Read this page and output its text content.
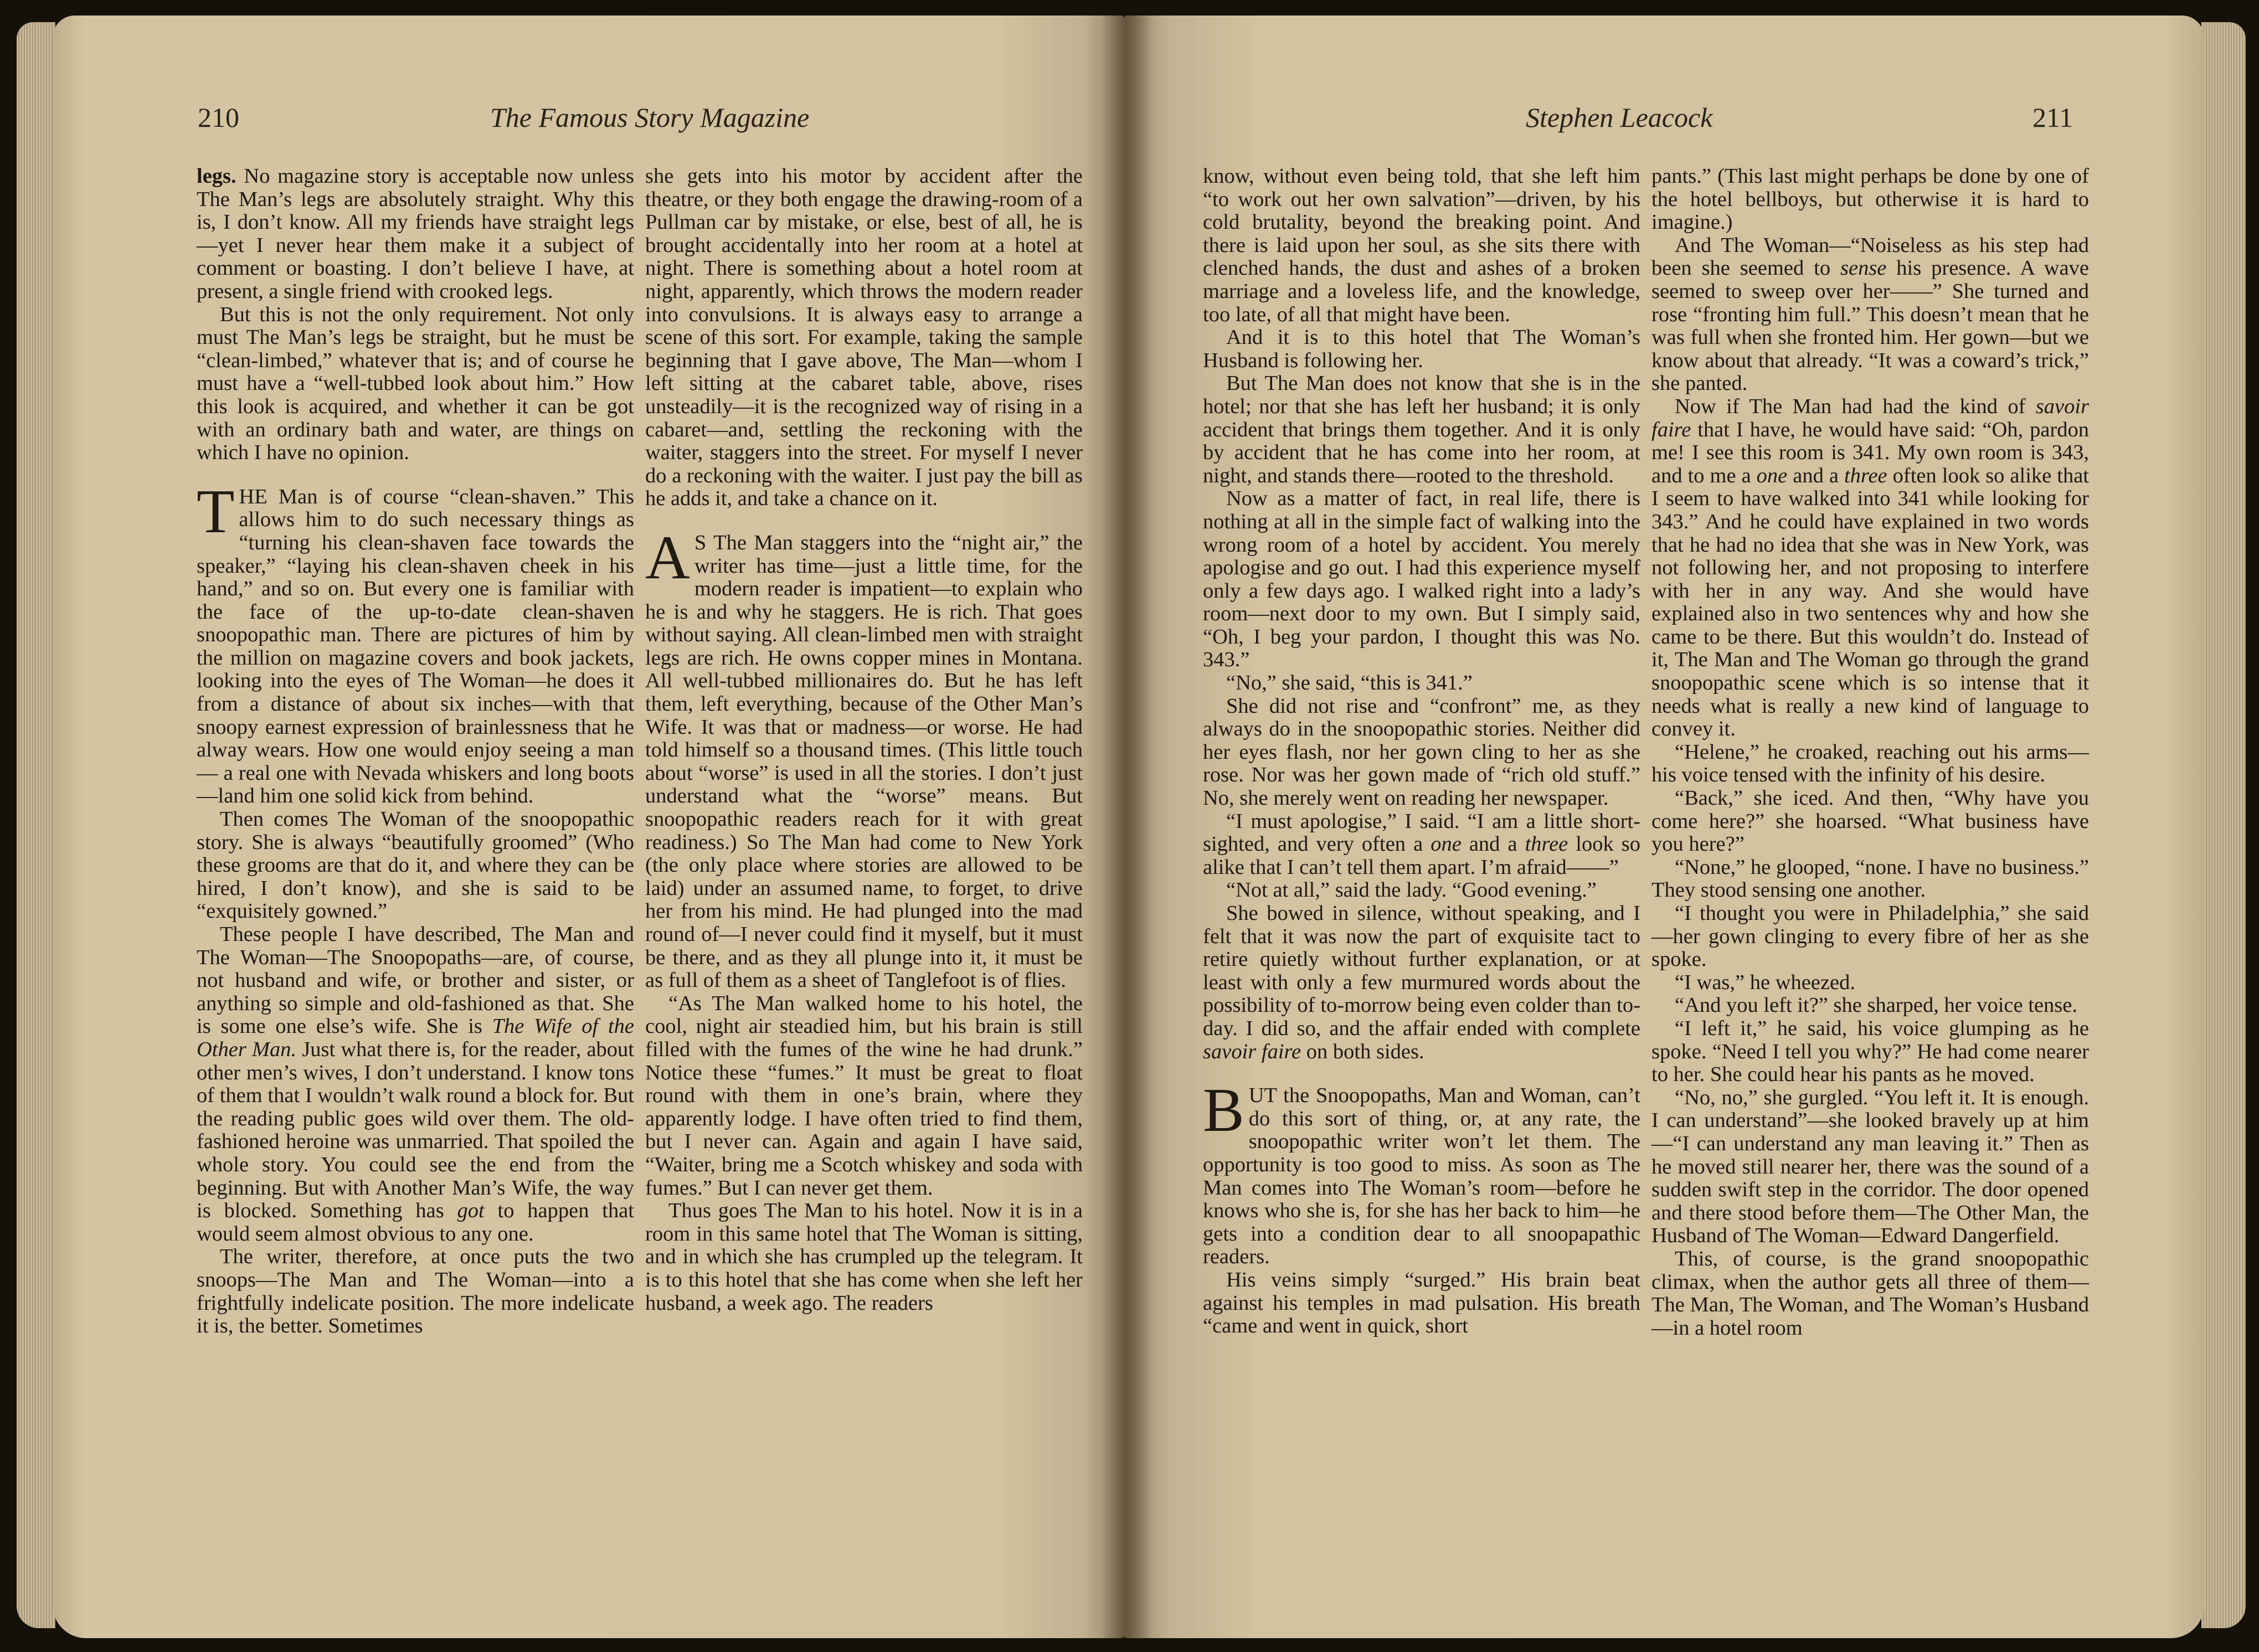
210	The Famous Story Magazine

legs. No magazine story is acceptable now unless The Man’s legs are absolutely straight. Why this is, I don’t know. All my friends have straight legs—yet I never hear them make it a subject of comment or boasting. I don’t believe I have, at present, a single friend with crooked legs.

But this is not the only requirement. Not only must The Man’s legs be straight, but he must be “clean-limbed,” whatever that is; and of course he must have a “well-tubbed look about him.” How this look is acquired, and whether it can be got with an ordinary bath and water, are things on which I have no opinion.

THE Man is of course “clean-shaven.” This allows him to do such necessary things as “turning his clean-shaven face towards the speaker,” “laying his clean-shaven cheek in his hand,” and so on. But every one is familiar with the face of the up-to-date clean-shaven snoopopathic man. There are pictures of him by the million on magazine covers and book jackets, looking into the eyes of The Woman—he does it from a distance of about six inches—with that snoopy earnest expression of brainlessness that he alway wears. How one would enjoy seeing a man — a real one with Nevada whiskers and long boots—land him one solid kick from behind.

Then comes The Woman of the snoopopathic story. She is always “beautifully groomed” (Who these grooms are that do it, and where they can be hired, I don’t know), and she is said to be “exquisitely gowned.”

These people I have described, The Man and The Woman—The Snoopopaths—are, of course, not husband and wife, or brother and sister, or anything so simple and old-fashioned as that. She is some one else’s wife. She is The Wife of the Other Man. Just what there is, for the reader, about other men’s wives, I don’t understand. I know tons of them that I wouldn’t walk round a block for. But the reading public goes wild over them. The old-fashioned heroine was unmarried. That spoiled the whole story. You could see the end from the beginning. But with Another Man’s Wife, the way is blocked. Something has got to happen that would seem almost obvious to any one.

The writer, therefore, at once puts the two snoops—The Man and The Woman—into a frightfully indelicate position. The more indelicate it is, the better. Sometimes

she gets into his motor by accident after the theatre, or they both engage the drawing-room of a Pullman car by mistake, or else, best of all, he is brought accidentally into her room at a hotel at night. There is something about a hotel room at night, apparently, which throws the modern reader into convulsions. It is always easy to arrange a scene of this sort. For example, taking the sample beginning that I gave above, The Man—whom I left sitting at the cabaret table, above, rises unsteadily—it is the recognized way of rising in a cabaret—and, settling the reckoning with the waiter, staggers into the street. For myself I never do a reckoning with the waiter. I just pay the bill as he adds it, and take a chance on it.

AS The Man staggers into the “night air,” the writer has time—just a little time, for the modern reader is impatient—to explain who he is and why he staggers. He is rich. That goes without saying. All clean-limbed men with straight legs are rich. He owns copper mines in Montana. All well-tubbed millionaires do. But he has left them, left everything, because of the Other Man’s Wife. It was that or madness—or worse. He had told himself so a thousand times. (This little touch about “worse” is used in all the stories. I don’t just understand what the “worse” means. But snoopopathic readers reach for it with great readiness.) So The Man had come to New York (the only place where stories are allowed to be laid) under an assumed name, to forget, to drive her from his mind. He had plunged into the mad round of—I never could find it myself, but it must be there, and as they all plunge into it, it must be as full of them as a sheet of Tanglefoot is of flies.

“As The Man walked home to his hotel, the cool, night air steadied him, but his brain is still filled with the fumes of the wine he had drunk.” Notice these “fumes.” It must be great to float round with them in one’s brain, where they apparently lodge. I have often tried to find them, but I never can. Again and again I have said, “Waiter, bring me a Scotch whiskey and soda with fumes.” But I can never get them.

Thus goes The Man to his hotel. Now it is in a room in this same hotel that The Woman is sitting, and in which she has crumpled up the telegram. It is to this hotel that she has come when she left her husband, a week ago. The readers

Stephen Leacock	211

know, without even being told, that she left him “to work out her own salvation”—driven, by his cold brutality, beyond the breaking point. And there is laid upon her soul, as she sits there with clenched hands, the dust and ashes of a broken marriage and a loveless life, and the knowledge, too late, of all that might have been.

And it is to this hotel that The Woman’s Husband is following her.

But The Man does not know that she is in the hotel; nor that she has left her husband; it is only accident that brings them together. And it is only by accident that he has come into her room, at night, and stands there—rooted to the threshold.

Now as a matter of fact, in real life, there is nothing at all in the simple fact of walking into the wrong room of a hotel by accident. You merely apologise and go out. I had this experience myself only a few days ago. I walked right into a lady’s room—next door to my own. But I simply said, “Oh, I beg your pardon, I thought this was No. 343.”

“No,” she said, “this is 341.”

She did not rise and “confront” me, as they always do in the snoopopathic stories. Neither did her eyes flash, nor her gown cling to her as she rose. Nor was her gown made of “rich old stuff.” No, she merely went on reading her newspaper.

“I must apologise,” I said. “I am a little short-sighted, and very often a one and a three look so alike that I can’t tell them apart. I’m afraid——”

“Not at all,” said the lady. “Good evening.”

She bowed in silence, without speaking, and I felt that it was now the part of exquisite tact to retire quietly without further explanation, or at least with only a few murmured words about the possibility of to-morrow being even colder than to-day. I did so, and the affair ended with complete savoir faire on both sides.

BUT the Snoopopaths, Man and Woman, can’t do this sort of thing, or, at any rate, the snoopopathic writer won’t let them. The opportunity is too good to miss. As soon as The Man comes into The Woman’s room—before he knows who she is, for she has her back to him—he gets into a condition dear to all snoopapathic readers.

His veins simply “surged.” His brain beat against his temples in mad pulsation. His breath “came and went in quick, short

pants.” (This last might perhaps be done by one of the hotel bellboys, but otherwise it is hard to imagine.)

And The Woman—“Noiseless as his step had been she seemed to sense his presence. A wave seemed to sweep over her——” She turned and rose “fronting him full.” This doesn’t mean that he was full when she fronted him. Her gown—but we know about that already. “It was a coward’s trick,” she panted.

Now if The Man had had the kind of savoir faire that I have, he would have said: “Oh, pardon me! I see this room is 341. My own room is 343, and to me a one and a three often look so alike that I seem to have walked into 341 while looking for 343.” And he could have explained in two words that he had no idea that she was in New York, was not following her, and not proposing to interfere with her in any way. And she would have explained also in two sentences why and how she came to be there. But this wouldn’t do. Instead of it, The Man and The Woman go through the grand snoopopathic scene which is so intense that it needs what is really a new kind of language to convey it.

“Helene,” he croaked, reaching out his arms—his voice tensed with the infinity of his desire.

“Back,” she iced. And then, “Why have you come here?” she hoarsed. “What business have you here?”

“None,” he glooped, “none. I have no business.” They stood sensing one another.

“I thought you were in Philadelphia,” she said—her gown clinging to every fibre of her as she spoke.

“I was,” he wheezed.

“And you left it?” she sharped, her voice tense.

“I left it,” he said, his voice glumping as he spoke. “Need I tell you why?” He had come nearer to her. She could hear his pants as he moved.

“No, no,” she gurgled. “You left it. It is enough. I can understand”—she looked bravely up at him—“I can understand any man leaving it.” Then as he moved still nearer her, there was the sound of a sudden swift step in the corridor. The door opened and there stood before them—The Other Man, the Husband of The Woman—Edward Dangerfield.

This, of course, is the grand snoopopathic climax, when the author gets all three of them—The Man, The Woman, and The Woman’s Husband—in a hotel room
